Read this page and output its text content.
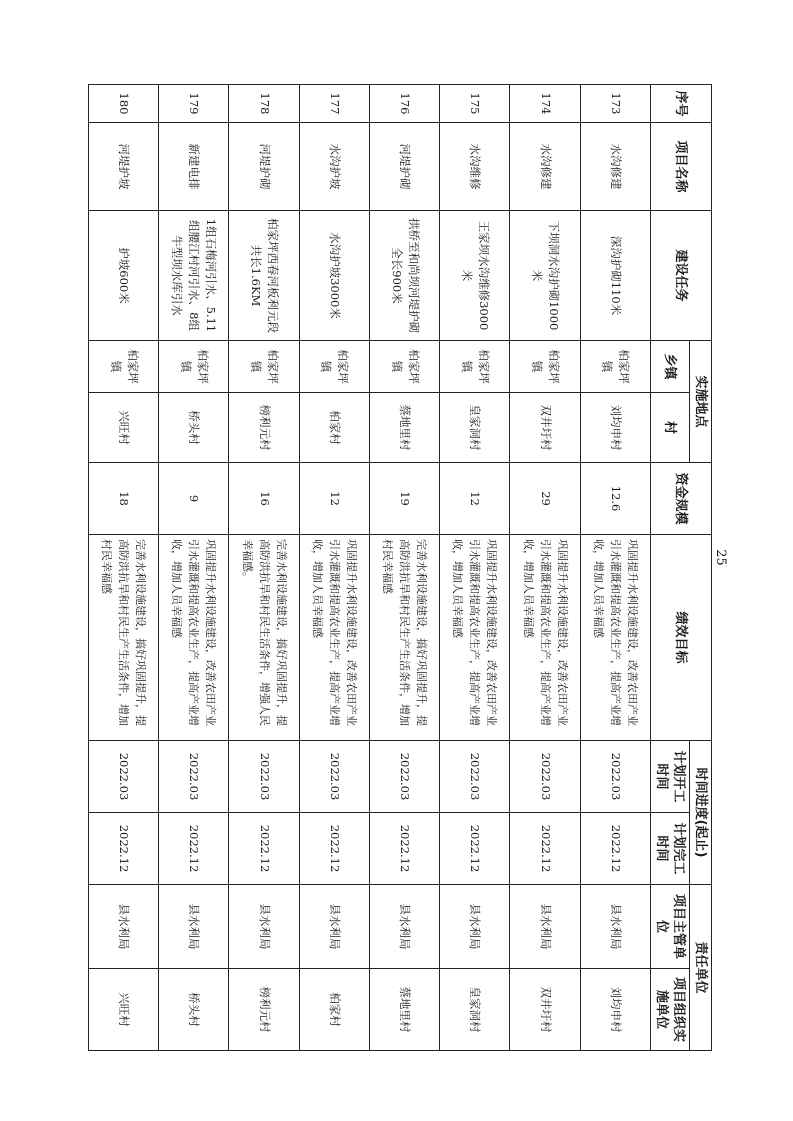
序号	项目名称	建设任务	实施地点		资金规模	绩效目标	时间进度(起止)		责任单位	
			乡镇	村			计划开工时间	计划完工时间	项目主管单位	项目组织实施单位
173	水沟修建	深沟护砌110米	柏家坪镇	刘均申村	12.6	巩固提升水利设施建设，改善农田产业引水灌溉和提高农业生产，提高产业增收，增加人员幸福感	2022.03	2022.12	县水利局	刘均申村
174	水沟修建	下坝洞水沟护砌1000米	柏家坪镇	双井圩村	29	巩固提升水利设施建设，改善农田产业引水灌溉和提高农业生产，提高产业增收，增加人员幸福感	2022.03	2022.12	县水利局	双井圩村
175	水沟维修	王家坝水沟维修3000米	柏家坪镇	皇家洞村	12	巩固提升水利设施建设，改善农田产业引水灌溉和提高农业生产，提高产业增收，增加人员幸福感	2022.03	2022.12	县水利局	皇家洞村
176	河堤护砌	拱桥至和尚坝河堤护砌全长900米	柏家坪镇	蔡地里村	19	完善水利设施建设，搞好巩固提升，提高防洪抗旱和村民生产生活条件，增加村民幸福感	2022.03	2022.12	县水利局	蔡地里村
177	水沟护坡	水沟护坡3000米	柏家坪镇	柏家村	12	巩固提升水利设施建设，改善农田产业引水灌溉和提高农业生产，提高产业增收，增加人员幸福感	2022.03	2022.12	县水利局	柏家村
178	河堤护砌	柏家坪西春河板利元段共长1.6KM	柏家坪镇	榜利元村	16	完善水利设施建设，搞好巩固提升，提高防洪抗旱和村民生活条件，增强人民幸福感。	2022.03	2022.12	县水利局	榜利元村
179	新建电排	1组石梅河引水、5.11组腰江村河引水、8组牛型坝水库引水	柏家坪镇	桥头村	9	巩固提升水利设施建设，改善农田产业引水灌溉和提高农业生产，提高产业增收，增加人员幸福感	2022.03	2022.12	县水利局	桥头村
180	河堤护坡	护坡600米	柏家坪镇	兴旺村	18	完善水利设施建设，搞好巩固提升，提高防洪抗旱和村民生产生活条件，增加村民幸福感	2022.03	2022.12	县水利局	兴旺村
25
